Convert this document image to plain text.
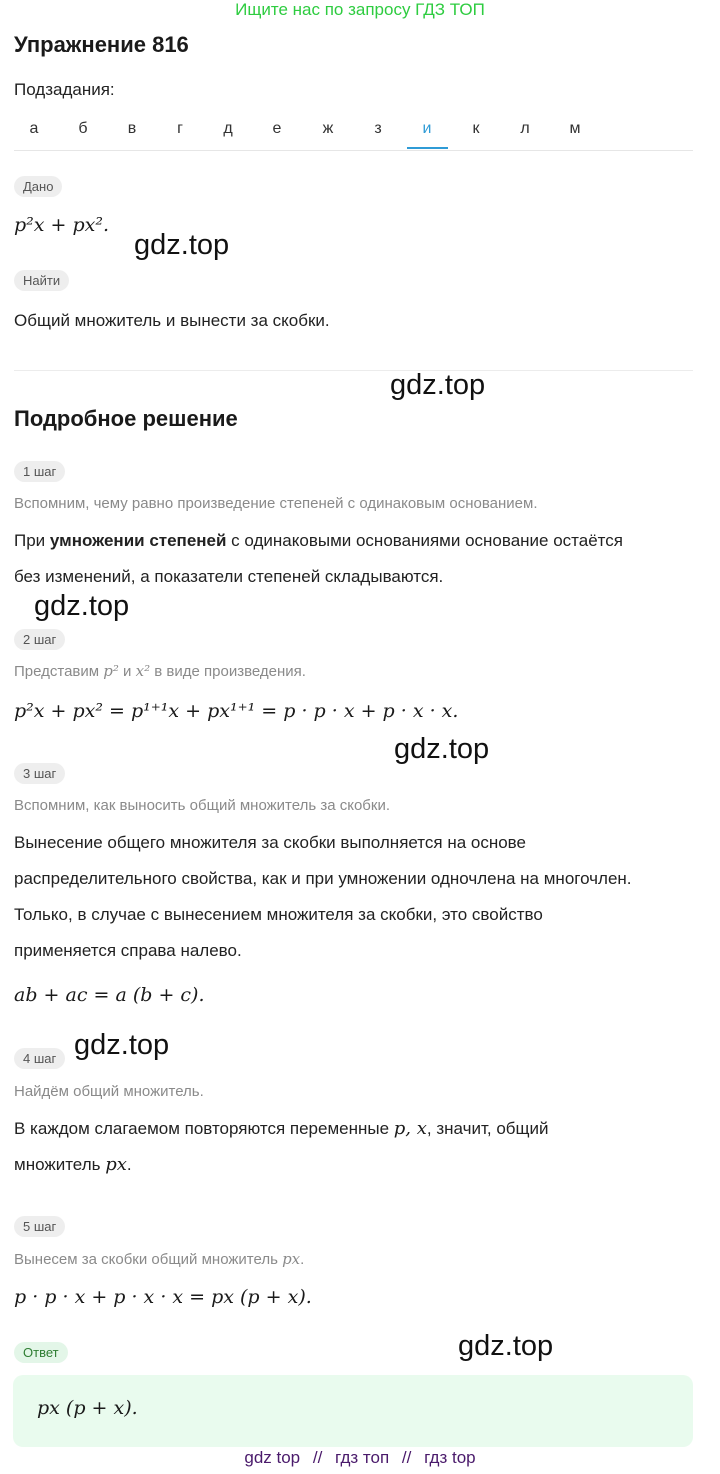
Ищите нас по запросу ГДЗ ТОП
Упражнение 816
Подзадания:
а	б	в	г	д	е	ж	з	и	к	л	м
Дано
p²x + px².
Найти
Общий множитель и вынести за скобки.
Подробное решение
1 шаг
Вспомним, чему равно произведение степеней с одинаковым основанием.
При умножении степеней с одинаковыми основаниями основание остаётся
без изменений, а показатели степеней складываются.
2 шаг
Представим p² и x² в виде произведения.
p²x + px² = p¹⁺¹x + px¹⁺¹ = p · p · x + p · x · x.
3 шаг
Вспомним, как выносить общий множитель за скобки.
Вынесение общего множителя за скобки выполняется на основе
распределительного свойства, как и при умножении одночлена на многочлен.
Только, в случае с вынесением множителя за скобки, это свойство
применяется справа налево.
ab + ac = a (b + c).
4 шаг
Найдём общий множитель.
В каждом слагаемом повторяются переменные p, x, значит, общий
множитель px.
5 шаг
Вынесем за скобки общий множитель px.
p · p · x + p · x · x = px (p + x).
Ответ
px (p + x).
gdz.top
gdz.top
gdz.top
gdz.top
gdz.top
gdz.top
gdz top // гдз топ // гдз top
